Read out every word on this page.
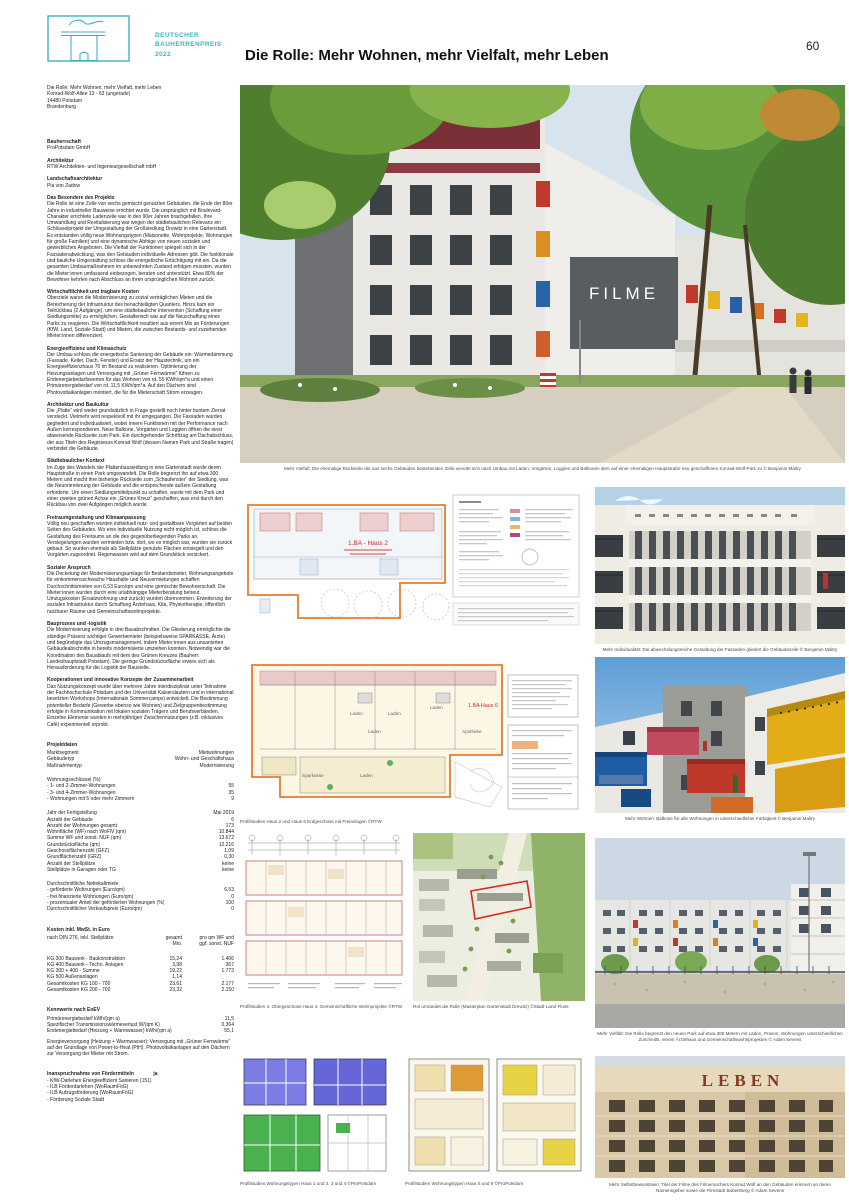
DEUTSCHER
BAUHERRENPREIS
2022	Die Rolle: Mehr Wohnen, mehr Vielfalt, mehr Leben
60
Die Rolle: Mehr Wohnen, mehr Vielfalt, mehr Leben
Konrad-Wolf-Allee 13 - 63 (ungerade)
14480 Potsdam
Brandenburg
Bauherrschaft
ProPotsdam GmbH
Architektur
RTW Architekten- und Ingenieurgesellschaft mbH
Landschaftsarchitektur
Pia von Zadow
Das Besondere des Projekts
Die Rolle ist eine Zeile von sechs gemischt genutzten Gebäuden, die Ende der 80er Jahre in industrieller Bauweise errichtet wurde. Die ursprünglich mit Boulevard-Charakter errichtete Ladenzeile war in den 90er Jahren brachgefallen. Ihre Umwandlung und Revitalisierung war wegen der städtebaulichen Relevanz ein Schlüsselprojekt der Umgestaltung der Großsiedlung Drewitz in eine Gartenstadt. Es entstanden völlig neue Wohnungstypen (Maisonette, Wohnprojekte, Wohnungen für große Familien) und eine dynamische Abfolge von neuen sozialen und gewerblichen Angeboten. Die Vielfalt der Funktionen spiegelt sich in der Fassadenabwicklung, was den Gebäuden individuelle Adressen gibt. Die funktionale und bauliche Umgestaltung schloss die energetische Ertüchtigung mit ein. Da die gesamten Umbaumaßnahmen im unbewohnten Zustand erfolgen mussten, wurden die Mieter:innen umfassend einbezogen, beraten und unterstützt. Etwa 80% der Bewohner kehrten nach Abschluss an ihren ursprünglichen Wohnort zurück.
Wirtschaftlichkeit und tragbare Kosten
Oberziele waren die Modernisierung zu sozial verträglichen Mieten und die Bereicherung der Infrastruktur des benachteiligten Quartiers. Hinzu kam ein Teilrückbau (2 Aufgänge), um eine städtebauliche Intervention (Schaffung einer Siedlungsmitte) zu ermöglichen. Gestalterisch war auf die Neuschaffung eines Parks zu reagieren. Die Wirtschaftlichkeit resultiert aus einem Mix an Förderungen (KfW, Land, Soziale Stadt) und Mieten, die zwischen Bestands- und zuziehenden Mieter:innen differenziert.
Energieeffizienz und Klimaschutz
Der Umbau schloss die energetische Sanierung der Gebäude ein: Wärmedämmung (Fassade, Keller, Dach, Fenster) und Ersatz der Haustechnik, um ein Energieeffizienzhaus 70 im Bestand zu realisieren. Optimierung der Heizungsanlagen und Versorgung mit „Grüner Fernwärme“ führen zu Endenergiebedarfswerten für das Wohnen von rd. 55 KWh/qm*a und einen Primärenergiebedarf von rd. 11,5 KWh/qm*a. Auf den Dächern sind Photovoltaikanlagen montiert, die für die Mieterschaft Strom erzeugen.
Architektur und Baukultur
Die „Platte“ wird weder grundsätzlich in Frage gestellt noch hinter buntem Zierrat versteckt. Vielmehr wird respektvoll mit ihr umgegangen. Die Fassaden wurden gegliedert und individualisiert, wobei innere Funktionen mit der Performance nach Außen korrespondieren. Neue Balkone, Vorgärten und Loggien öffnen die einst abweisende Rückseite zum Park. Ein durchgehender Schriftzug am Dachabschluss, der aus Titeln des Regisseurs Konrad Wolf (dessen Namen Park und Straße tragen) verbindet die Gebäude.
Städtebaulicher Kontext
Im Zuge des Wandels der Plattenbausiedlung in eine Gartenstadt wurde deren Hauptstraße in einen Park umgewandelt. Die Rolle begrenzt ihn auf etwa 300 Metern und macht ihre bisherige Rückseite zum „Schaufenster“ der Siedlung, was die Neuorientierung der Gebäude und die entsprechende äußere Gestaltung erforderte. Um einen Siedlungsmittelpunkt zu schaffen, wurde mit dem Park und einer zweiten grünen Achse ein „Grünes Kreuz“ geschaffen, was erst durch den Rückbau von zwei Aufgängen möglich wurde.
Freiraumgestaltung und Klimaanpassung
Völlig neu geschaffen wurden individuell nutz- und gestaltbare Vorgärten auf beiden Seiten des Gebäudes. Wo eine individuelle Nutzung nicht möglich ist, schloss die Gestaltung des Freiraums an die des gegenüberliegenden Parks an. Versiegelungen wurden vermieden bzw. dort, wo es möglich war, wurden sie zurück gebaut. So wurden ehemals als Stellplätze genutzte Flächen entsiegelt und den Vorgärten zugeordnet. Regenwasser wird auf dem Grundstück versickert.
Sozialer Anspruch
Die Deckelung der Modernisierungsumlage für Bestandsmieter, Wohnungsangebote für einkommensschwache Haushalte und Neuvermietungen schaffen Durchschnittsmieten von 6,53 Euro/qm und eine gemischte Bewohnerschaft. Die Mieter:innen wurden durch eine unabhängige Mieterberatung betreut. Umzugskosten (Ersatzwohnung und zurück) wurden übernommen. Erweiterung der sozialen Infrastruktur durch Schaffung Ärztehaus, Kita, Physiotherapie, öffentlich nutzbarer Räume und Gemeinschaftswohnprojekte.
Bauprozess und -logistik
Die Modernisierung erfolgte in drei Bauabschnitten. Die Gliederung ermöglichte die ständige Präsenz wichtiger Gewerbemieter (beispielsweise SPARKASSE, Ärzte) und begünstigte das Umzugsmanagement, indem Mieter:innen aus unsanierten Gebäudeabschnitte in bereits modernisierte umziehen konnten. Notwendig war die Koordination des Bauablaufs mit dem des Grünen Kreuzes (Bauherr: Landeshauptstadt Potsdam). Die geringe Grundstücksfläche erwies sich als Herausforderung für die Logistik der Baustelle.
Kooperationen und innovative Konzepte der Zusammenarbeit
Das Nutzungskonzept wurde über mehrere Jahre interdisziplinär unter Teilnahme der Fachhochschule Potsdam und der Universität Kaiserslautern und in international besetzten Workshops (Internationale Sommercamps) entwickelt. Die Bestimmung potentieller Bedarfe (Gewerbe ebenso wie Wohnen) und Zielgruppenbestimmung erfolgte in Kommunikation mit lokalen sozialen Trägern und Berufsverbänden. Einzelne Elemente wurden in mehrjährigen Zwischennutzungen (z.B. inklusives Café) experimentell erprobt.
Projektdaten
Marktsegment	Mietwohnungen
Gebäudetyp	Wohn- und Geschäftshaus
Maßnahmentyp	Modernisierung
Wohnungsschlüssel (%)
- 1- und 2-Zimmer-Wohnungen	55
- 3- und 4-Zimmer-Wohnungen	35
- Wohnungen mit 5 oder mehr Zimmern	9
Jahr der Fertigstellung	Mai 2019
Anzahl der Gebäude	6
Anzahl der Wohnungen gesamt	173
Wohnfläche (WF) nach WoFlV (qm)	10.844
Summe WF und sonst. NUF (qm)	13.672
Grundstücksfläche (qm)	12.216
Geschossflächenzahl (GFZ)	1,09
Grundflächenzahl (GRZ)	0,30
Anzahl der Stellplätze	keine
Stellplätze in Garagen oder TG	keine
Durchschnittliche Nettokaltmiete
- geförderte Wohnungen (Euro/qm)	6,53
- frei finanzierte Wohnungen (Euro/qm)	0
- prozentualer Anteil der geförderten Wohnungen (%)	100
Durchschnittlicher Verkaufspreis (Euro/qm)	0
Kosten inkl. MwSt. in Euro
nach DIN 276, inkl. Stellplätze	gesamt	pro qm WF und
Mio.	ggf. sonst. NUF
KG 300 Bauwerk - Baukonstruktion	15,24	1.406
KG 400 Bauwerk - Techn. Anlagen	3,98	367
KG 300 + 400 - Summe	19,22	1.773
KG 500 Außenanlagen	1,14
Gesamtkosten KG 100 - 700	23,61	2.177
Gesamtkosten KG 200 - 700	23,32	2.150
Kennwerte nach EnEV
Primärenergiebedarf kWh/(qm a)	11,5
Spezifischer Transmissionswärmeverlust W/(qm K)	0,364
Endenergiebedarf (Heizung + Warmwasser) kWh/(qm a)	55,1
Energieversorgung (Heizung + Warmwasser): Versorgung mit „Grüner Fernwärme“ auf der Grundlage von Power-to-Heat (PtH). Photovoltaikanlagen auf den Dächern zur Versorgung der Mieter mit Strom.
Inanspruchnahme von Fördermitteln	ja
- KfW-Darlehen Energieeffizient Sanieren (151)
- ILB Förderdarlehen (WoRaumFöG)
- ILB Aufzugsförderung (WoRaumFöG)
- Förderung Soziale Stadt
FILME
Mehr Vielfalt: Die ehemalige Rückseite der aus sechs Gebäuden bestehenden Zeile wendet sich nach Umbau mit Läden, Vorgärten, Loggien und Balkonen dem auf einer ehemaligen Hauptstraße neu geschaffenen Konrad-Wolf-Park zu © Benjamin Maltry
1.BA - Haus 2
Laden	Laden
Laden
Laden
Laden
Sparkasse
Apotheke
1.BA Haus 6
Profilstudien Haus 2 und Haus 6 Erdgeschoss mit Freianlagen ©RTW
Mehr Individualität: Die abwechslungsreiche Gestaltung der Fassaden gliedert die Gebäudezeile © Benjamin Maltry
Mehr Wohnen: Balkone für alle Wohnungen in unterschiedlicher Farbigkeit © Benjamin Maltry
Profilstudien 4. Obergeschoss Haus 4: Gemeinschaftliche Wohnprojekte ©RTW	Rot umrandet die Rolle (Masterplan Gartenstadt Drewitz) ©Stadt·Land·Fluss
Mehr Vielfalt: Die Rolle begrenzt den neuen Park auf etwa 300 Metern mit Läden, Praxen, Wohnungen unterschiedlichen Zuschnitts, einem Ärztehaus und Gemeinschaftswohnprojekten © Adam Sevens
Profilstudien Wohnungstypen Haus 1 und 2, 3 und 4 ©ProPotsdam	Profilstudien Wohnungstypen Haus 5 und 6 ©ProPotsdam
LEBEN
Mehr Selbstbewusstsein: Titel der Filme des Filmemachers Konrad Wolf an den Gebäuden erinnern an deren Namensgeber sowie die Filmstadt Babelsberg © Adam Sevens
